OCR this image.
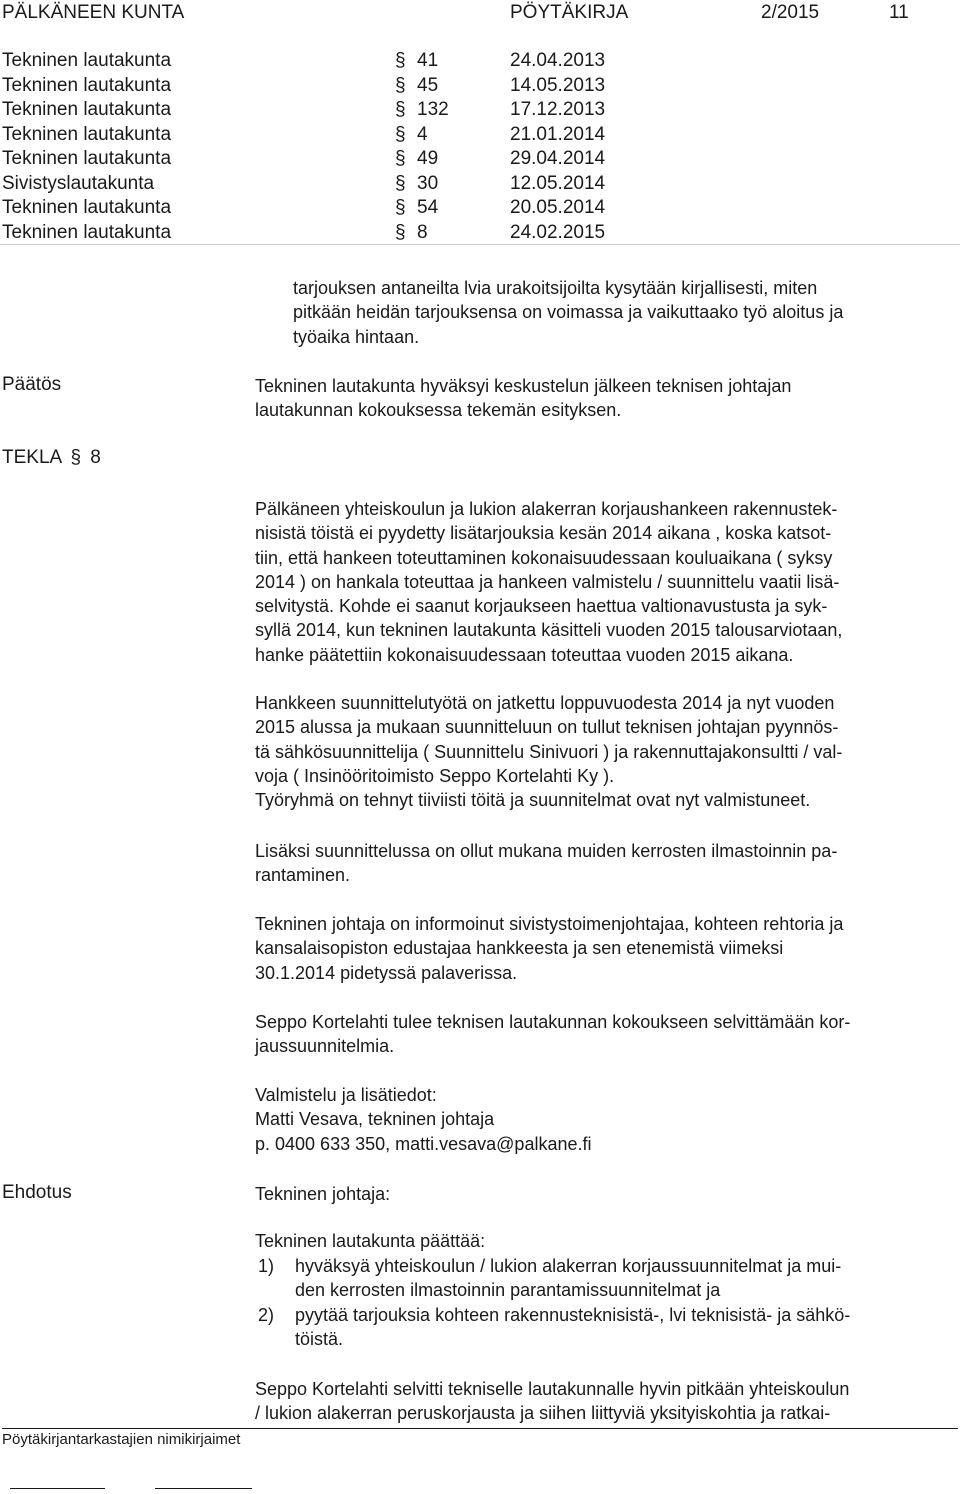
PÄLKÄNEEN KUNTA	PÖYTÄKIRJA	2/2015	11
Tekninen lautakunta	§ 41	24.04.2013
Tekninen lautakunta	§ 45	14.05.2013
Tekninen lautakunta	§ 132	17.12.2013
Tekninen lautakunta	§ 4	21.01.2014
Tekninen lautakunta	§ 49	29.04.2014
Sivistyslautakunta	§ 30	12.05.2014
Tekninen lautakunta	§ 54	20.05.2014
Tekninen lautakunta	§ 8	24.02.2015
tarjouksen antaneilta lvia urakoitsijoilta kysytään kirjallisesti, miten
pitkään heidän tarjouksensa on voimassa ja vaikuttaako työ aloitus ja
työaika hintaan.
Päätös	Tekninen lautakunta hyväksyi keskustelun jälkeen teknisen johtajan
lautakunnan kokouksessa tekemän esityksen.
TEKLA § 8
Pälkäneen yhteiskoulun ja lukion alakerran korjaushankeen rakennustek-
nisistä töistä ei pyydetty lisätarjouksia kesän 2014 aikana , koska katsot-
tiin, että hankeen toteuttaminen kokonaisuudessaan kouluaikana ( syksy
2014 ) on hankala toteuttaa ja hankeen valmistelu / suunnittelu vaatii lisä-
selvitystä. Kohde ei saanut korjaukseen haettua valtionavustusta ja syk-
syllä 2014, kun tekninen lautakunta käsitteli vuoden 2015 talousarviotaan,
hanke päätettiin kokonaisuudessaan toteuttaa vuoden 2015 aikana.
Hankkeen suunnittelutyötä on jatkettu loppuvuodesta 2014 ja nyt vuoden
2015 alussa ja mukaan suunnitteluun on tullut teknisen johtajan pyynnös-
tä sähkösuunnittelija ( Suunnittelu Sinivuori ) ja rakennuttajakonsultti / val-
voja ( Insinööritoimisto Seppo Kortelahti Ky ).
Työryhmä on tehnyt tiiviisti töitä ja suunnitelmat ovat nyt valmistuneet.
Lisäksi suunnittelussa on ollut mukana muiden kerrosten ilmastoinnin pa-
rantaminen.
Tekninen johtaja on informoinut sivistystoimenjohtajaa, kohteen rehtoria ja
kansalaisopiston edustajaa hankkeesta ja sen etenemistä viimeksi
30.1.2014 pidetyssä palaverissa.
Seppo Kortelahti tulee teknisen lautakunnan kokoukseen selvittämään kor-
jaussuunnitelmia.
Valmistelu ja lisätiedot:
Matti Vesava, tekninen johtaja
p. 0400 633 350, matti.vesava@palkane.fi
Ehdotus	Tekninen johtaja:
Tekninen lautakunta päättää:
1) hyväksyä yhteiskoulun / lukion alakerran korjaussuunnitelmat ja mui-
den kerrosten ilmastoinnin parantamissuunnitelmat ja
2) pyytää tarjouksia kohteen rakennusteknisistä-, lvi teknisistä- ja sähkö-
töistä.
Seppo Kortelahti selvitti tekniselle lautakunnalle hyvin pitkään yhteiskoulun
/ lukion alakerran peruskorjausta ja siihen liittyviä yksityiskohtia ja ratkai-
Pöytäkirjantarkastajien nimikirjaimet
